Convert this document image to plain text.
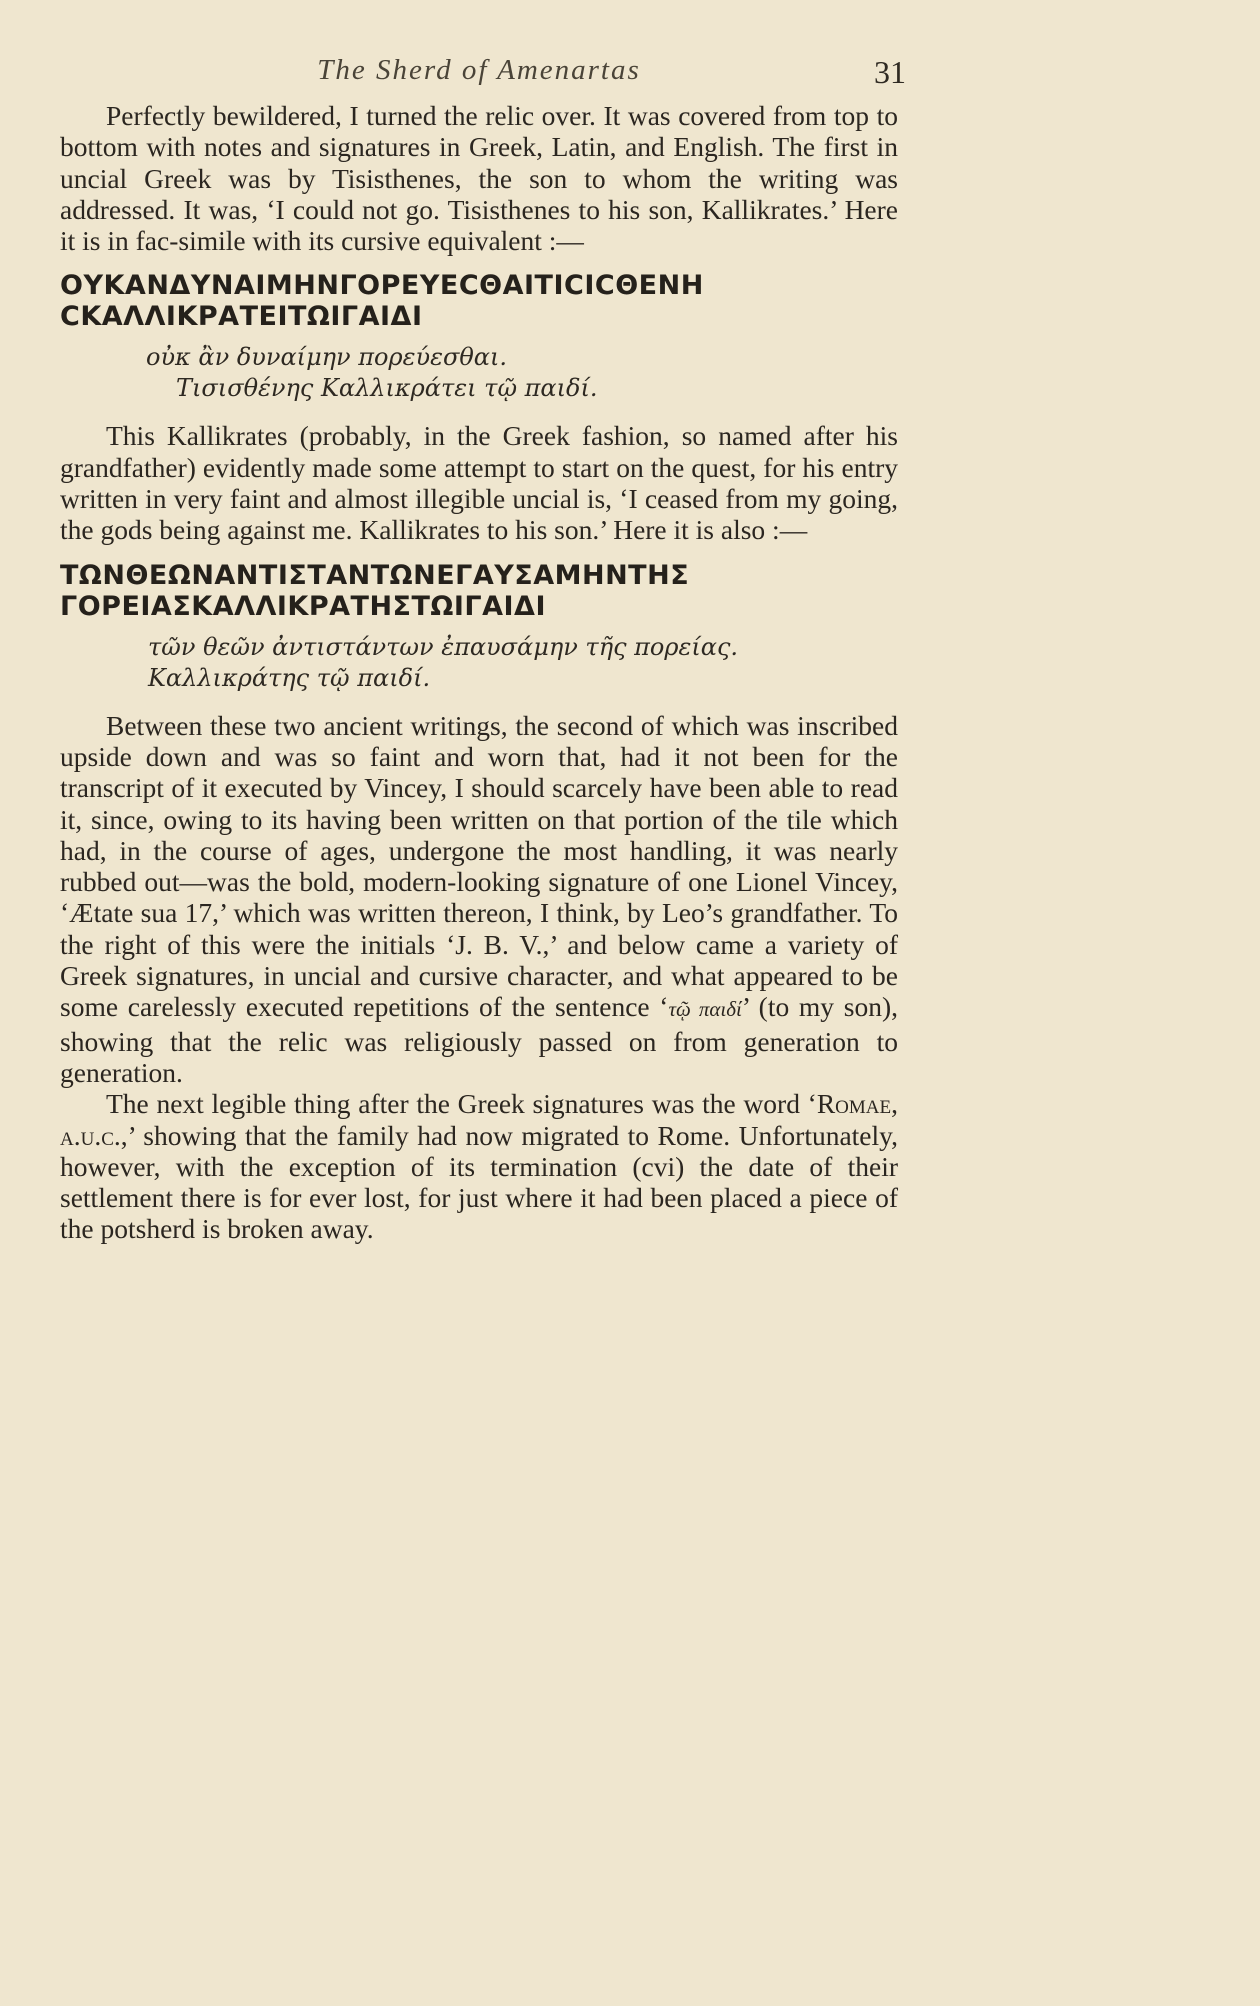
The Sherd of Amenartas	31

Perfectly bewildered, I turned the relic over. It was covered from top to bottom with notes and signatures in Greek, Latin, and English. The first in uncial Greek was by Tisisthenes, the son to whom the writing was addressed. It was, ‘I could not go. Tisisthenes to his son, Kallikrates.’ Here it is in fac-simile with its cursive equivalent :—

ΟΥΚΑΝΔΥΝΑΙΜΗΝΓΟΡΕΥΕϹΘΑΙΤΙϹΙϹΘΕΝΗ
ϹΚΑΛΛΙΚΡΑΤΕΙΤΩΙΓΑΙΔΙ
οὐκ ἂν δυναίμην πορεύεσθαι.
Τισισθένης Καλλικράτει τῷ παιδί.

This Kallikrates (probably, in the Greek fashion, so named after his grandfather) evidently made some attempt to start on the quest, for his entry written in very faint and almost illegible uncial is, ‘I ceased from my going, the gods being against me. Kallikrates to his son.’ Here it is also :—

ΤΩΝΘΕΩΝΑΝΤΙΣΤΑΝΤΩΝΕΓΑΥΣΑΜΗΝΤΗΣ
ΓΟΡΕΙΑΣΚΑΛΛΙΚΡΑΤΗΣΤΩΙΓΑΙΔΙ
τῶν θεῶν ἀντιστάντων ἐπαυσάμην τῆς πορείας.
Καλλικράτης τῷ παιδί.

Between these two ancient writings, the second of which was inscribed upside down and was so faint and worn that, had it not been for the transcript of it executed by Vincey, I should scarcely have been able to read it, since, owing to its having been written on that portion of the tile which had, in the course of ages, undergone the most handling, it was nearly rubbed out—was the bold, modern-looking signature of one Lionel Vincey, ‘Ætate sua 17,’ which was written thereon, I think, by Leo’s grandfather. To the right of this were the initials ‘J. B. V.,’ and below came a variety of Greek signatures, in uncial and cursive character, and what appeared to be some carelessly executed repetitions of the sentence ‘τῷ παιδί’ (to my son), showing that the relic was religiously passed on from generation to generation.

The next legible thing after the Greek signatures was the word ‘Romae, a.u.c.,’ showing that the family had now migrated to Rome. Unfortunately, however, with the exception of its termination (cvi) the date of their settlement there is for ever lost, for just where it had been placed a piece of the potsherd is broken away.
